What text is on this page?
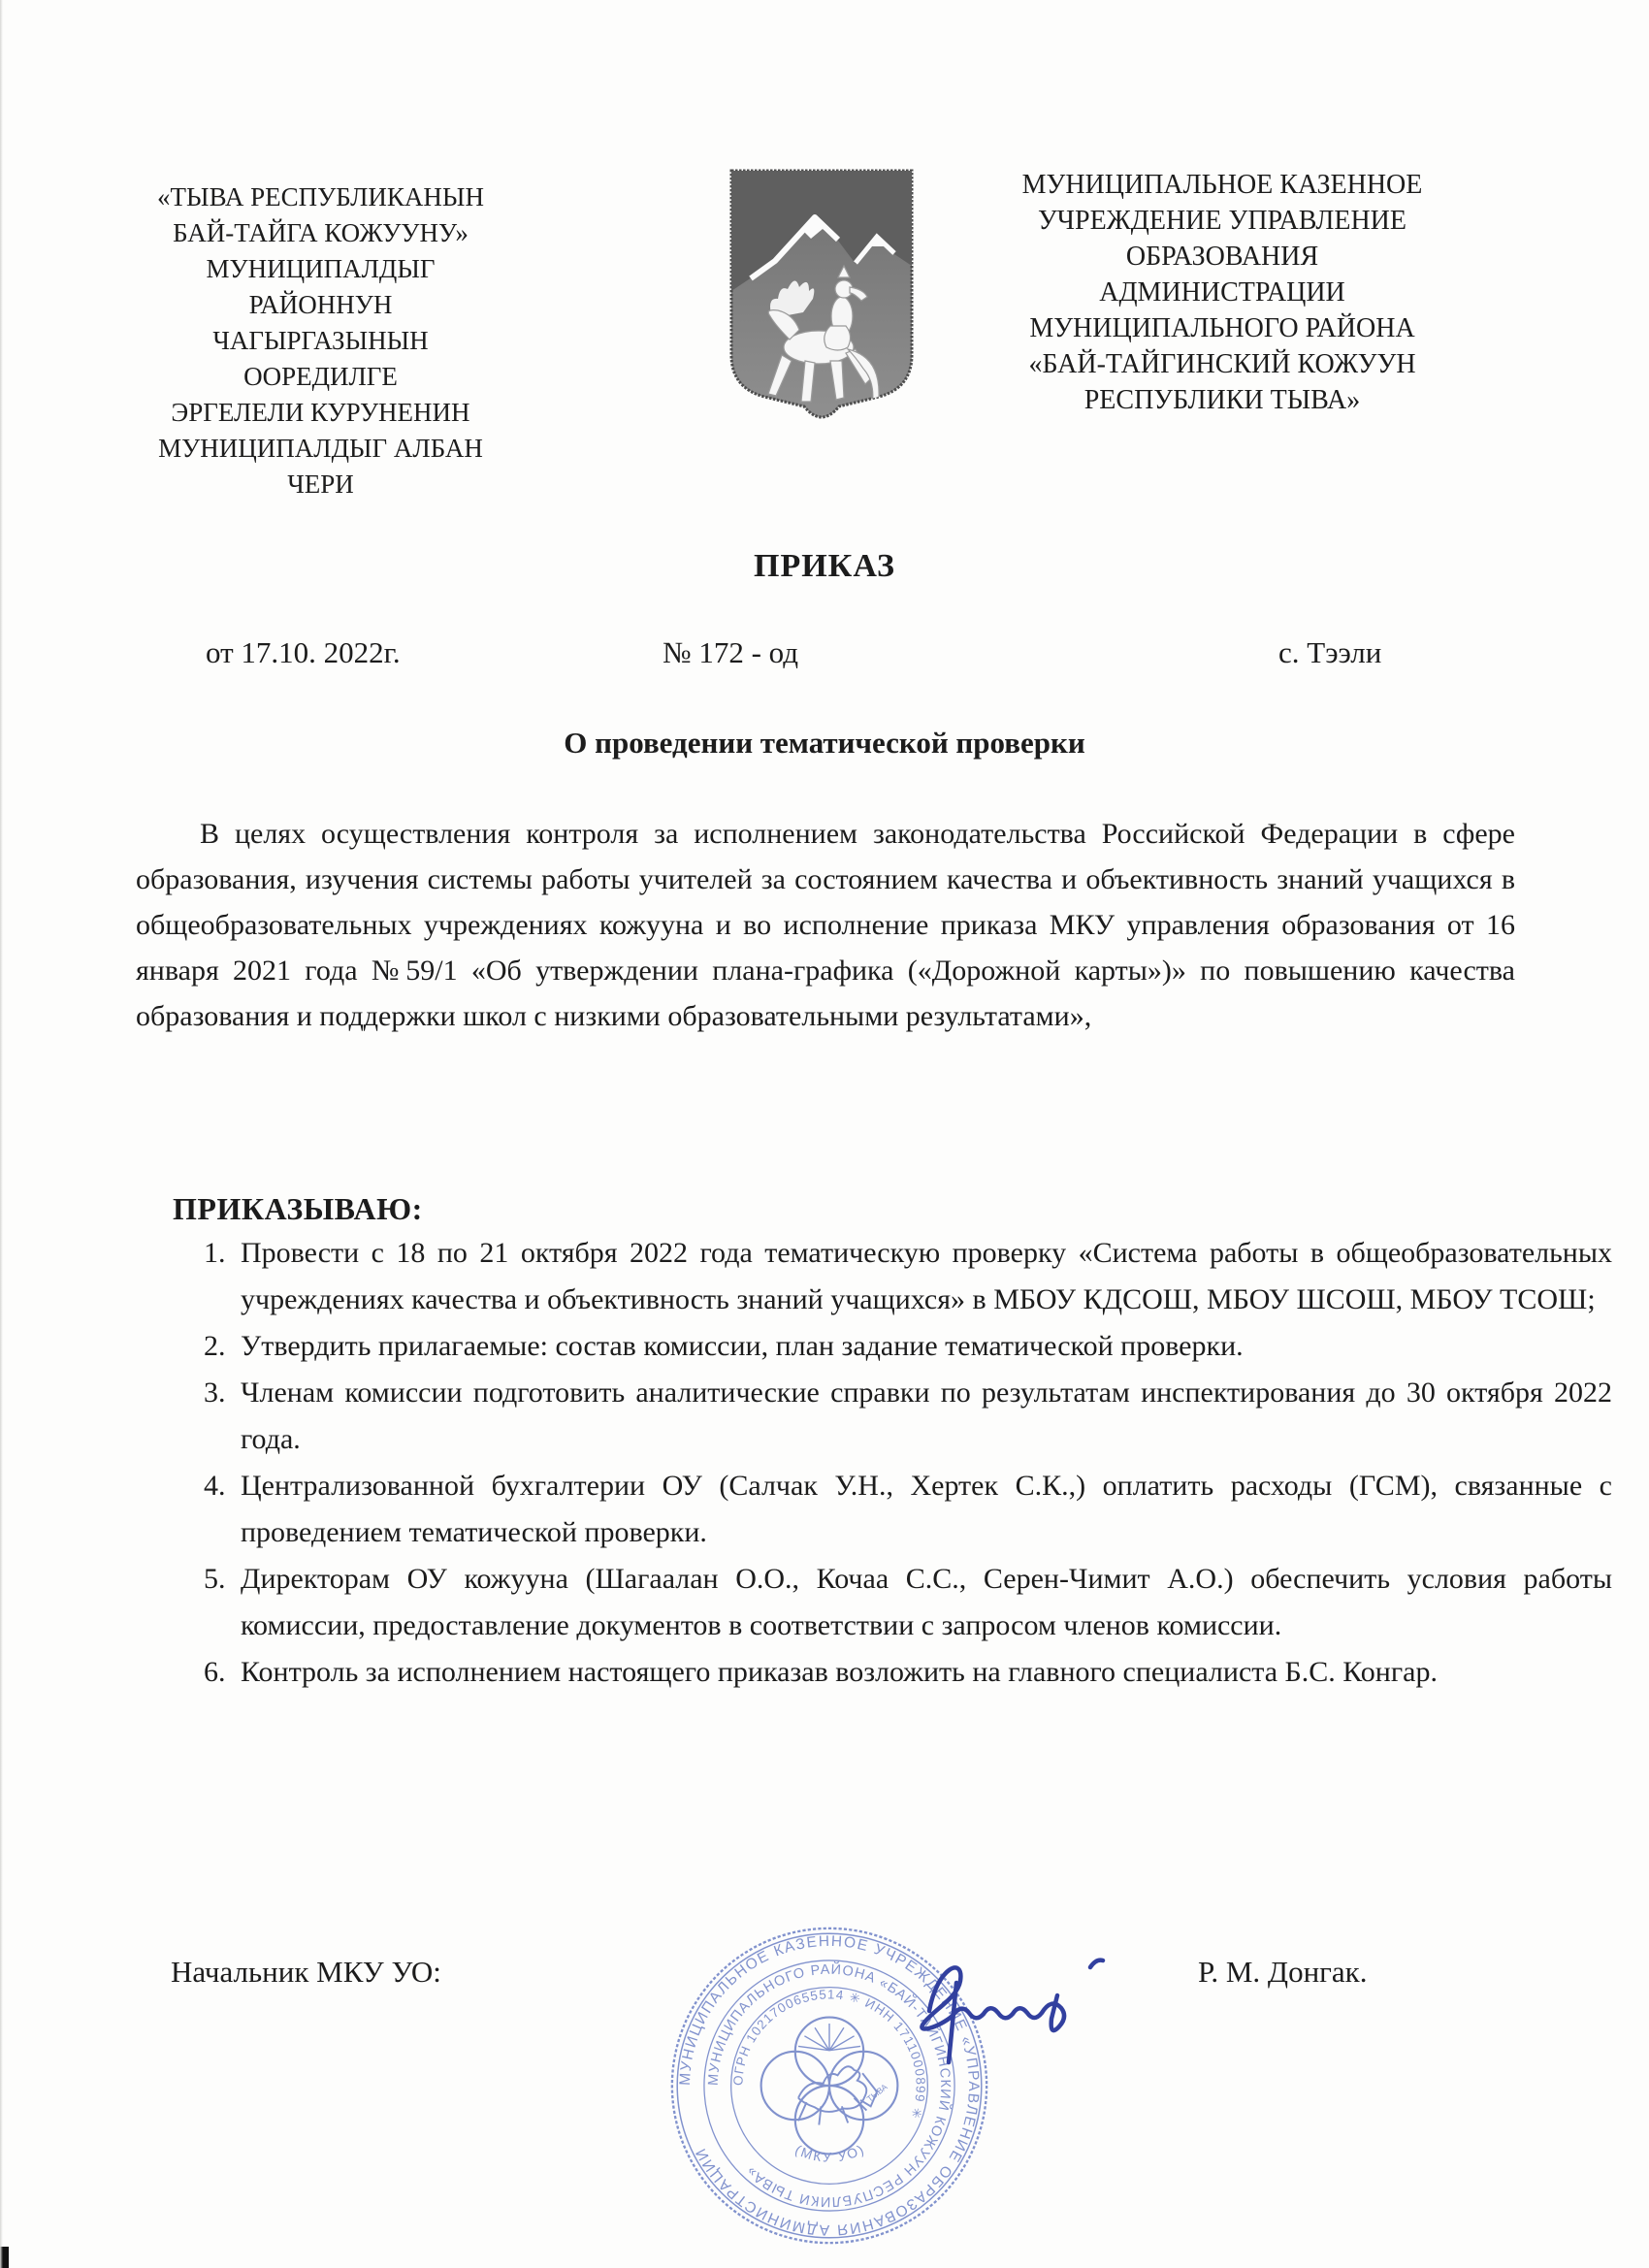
«ТЫВА РЕСПУБЛИКАНЫН
БАЙ-ТАЙГА КОЖУУНУ»
МУНИЦИПАЛДЫГ РАЙОННУН
ЧАГЫРГАЗЫНЫН ООРЕДИЛГЕ
ЭРГЕЛЕЛИ КУРУНЕНИН
МУНИЦИПАЛДЫГ АЛБАН ЧЕРИ
МУНИЦИПАЛЬНОЕ КАЗЕННОЕ
УЧРЕЖДЕНИЕ УПРАВЛЕНИЕ
ОБРАЗОВАНИЯ
АДМИНИСТРАЦИИ
МУНИЦИПАЛЬНОГО РАЙОНА
«БАЙ-ТАЙГИНСКИЙ КОЖУУН
РЕСПУБЛИКИ ТЫВА»
ПРИКАЗ
от 17.10. 2022г.	№ 172 - од	с. Тээли
О проведении тематической проверки
В целях осуществления контроля за исполнением законодательства Российской Федерации в сфере образования, изучения системы работы учителей за состоянием качества и объективность знаний учащихся в общеобразовательных учреждениях кожууна и во исполнение приказа МКУ управления образования от 16 января 2021 года №59/1 «Об утверждении плана-графика («Дорожной карты»)» по повышению качества образования и поддержки школ с низкими образовательными результатами»,
ПРИКАЗЫВАЮ:
1. Провести с 18 по 21 октября 2022 года тематическую проверку «Система работы в общеобразовательных учреждениях качества и объективность знаний учащихся» в МБОУ КДСОШ, МБОУ ШСОШ, МБОУ ТСОШ;
2. Утвердить прилагаемые: состав комиссии, план задание тематической проверки.
3. Членам комиссии подготовить аналитические справки по результатам инспектирования до 30 октября 2022 года.
4. Централизованной бухгалтерии ОУ (Салчак У.Н., Хертек С.К.,) оплатить расходы (ГСМ), связанные с проведением тематической проверки.
5. Директорам ОУ кожууна (Шагаалан О.О., Кочаа С.С., Серен-Чимит А.О.) обеспечить условия работы комиссии, предоставление документов в соответствии с запросом членов комиссии.
6. Контроль за исполнением настоящего приказав возложить на главного специалиста Б.С. Конгар.
Начальник МКУ УО:	Р. М. Донгак.
МУНИЦИПАЛЬНОЕ КАЗЕННОЕ УЧРЕЖДЕНИЕ «УПРАВЛЕНИЕ ОБРАЗОВАНИЯ АДМИНИСТРАЦИИ
МУНИЦИПАЛЬНОГО РАЙОНА «БАЙ-ТАЙГИНСКИЙ КОЖУУН РЕСПУБЛИКИ ТЫВА»
ОГРН 1021700655514 ✳ ИНН 1711000899 ✳
(МКУ УО)
ТЫВА
